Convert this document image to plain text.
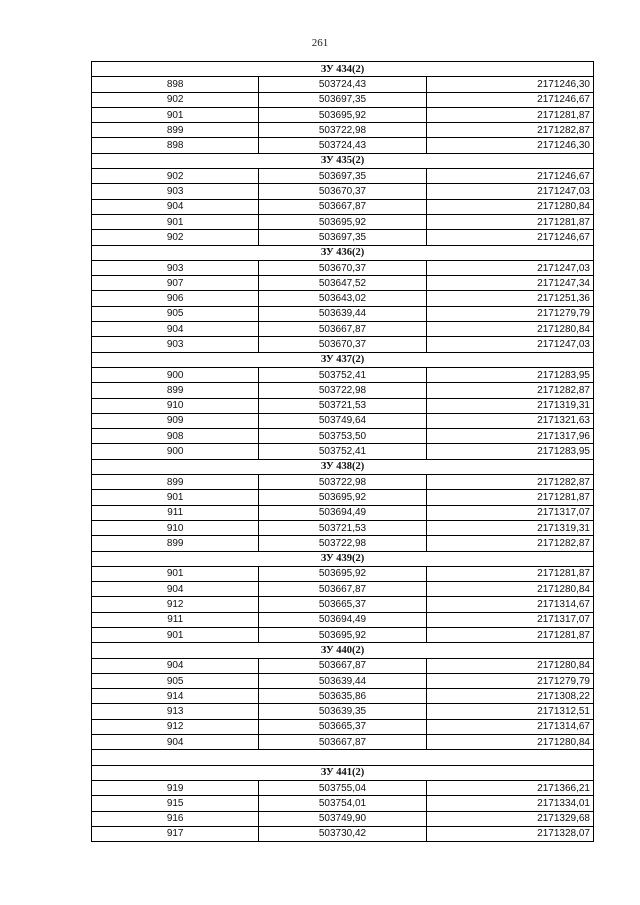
261
ЗУ 434(2)		
898	503724,43	2171246,30
902	503697,35	2171246,67
901	503695,92	2171281,87
899	503722,98	2171282,87
898	503724,43	2171246,30
ЗУ 435(2)		
902	503697,35	2171246,67
903	503670,37	2171247,03
904	503667,87	2171280,84
901	503695,92	2171281,87
902	503697,35	2171246,67
ЗУ 436(2)		
903	503670,37	2171247,03
907	503647,52	2171247,34
906	503643,02	2171251,36
905	503639,44	2171279,79
904	503667,87	2171280,84
903	503670,37	2171247,03
ЗУ 437(2)		
900	503752,41	2171283,95
899	503722,98	2171282,87
910	503721,53	2171319,31
909	503749,64	2171321,63
908	503753,50	2171317,96
900	503752,41	2171283,95
ЗУ 438(2)		
899	503722,98	2171282,87
901	503695,92	2171281,87
911	503694,49	2171317,07
910	503721,53	2171319,31
899	503722,98	2171282,87
ЗУ 439(2)		
901	503695,92	2171281,87
904	503667,87	2171280,84
912	503665,37	2171314,67
911	503694,49	2171317,07
901	503695,92	2171281,87
ЗУ 440(2)		
904	503667,87	2171280,84
905	503639,44	2171279,79
914	503635,86	2171308,22
913	503639,35	2171312,51
912	503665,37	2171314,67
904	503667,87	2171280,84

ЗУ 441(2)		
919	503755,04	2171366,21
915	503754,01	2171334,01
916	503749,90	2171329,68
917	503730,42	2171328,07
